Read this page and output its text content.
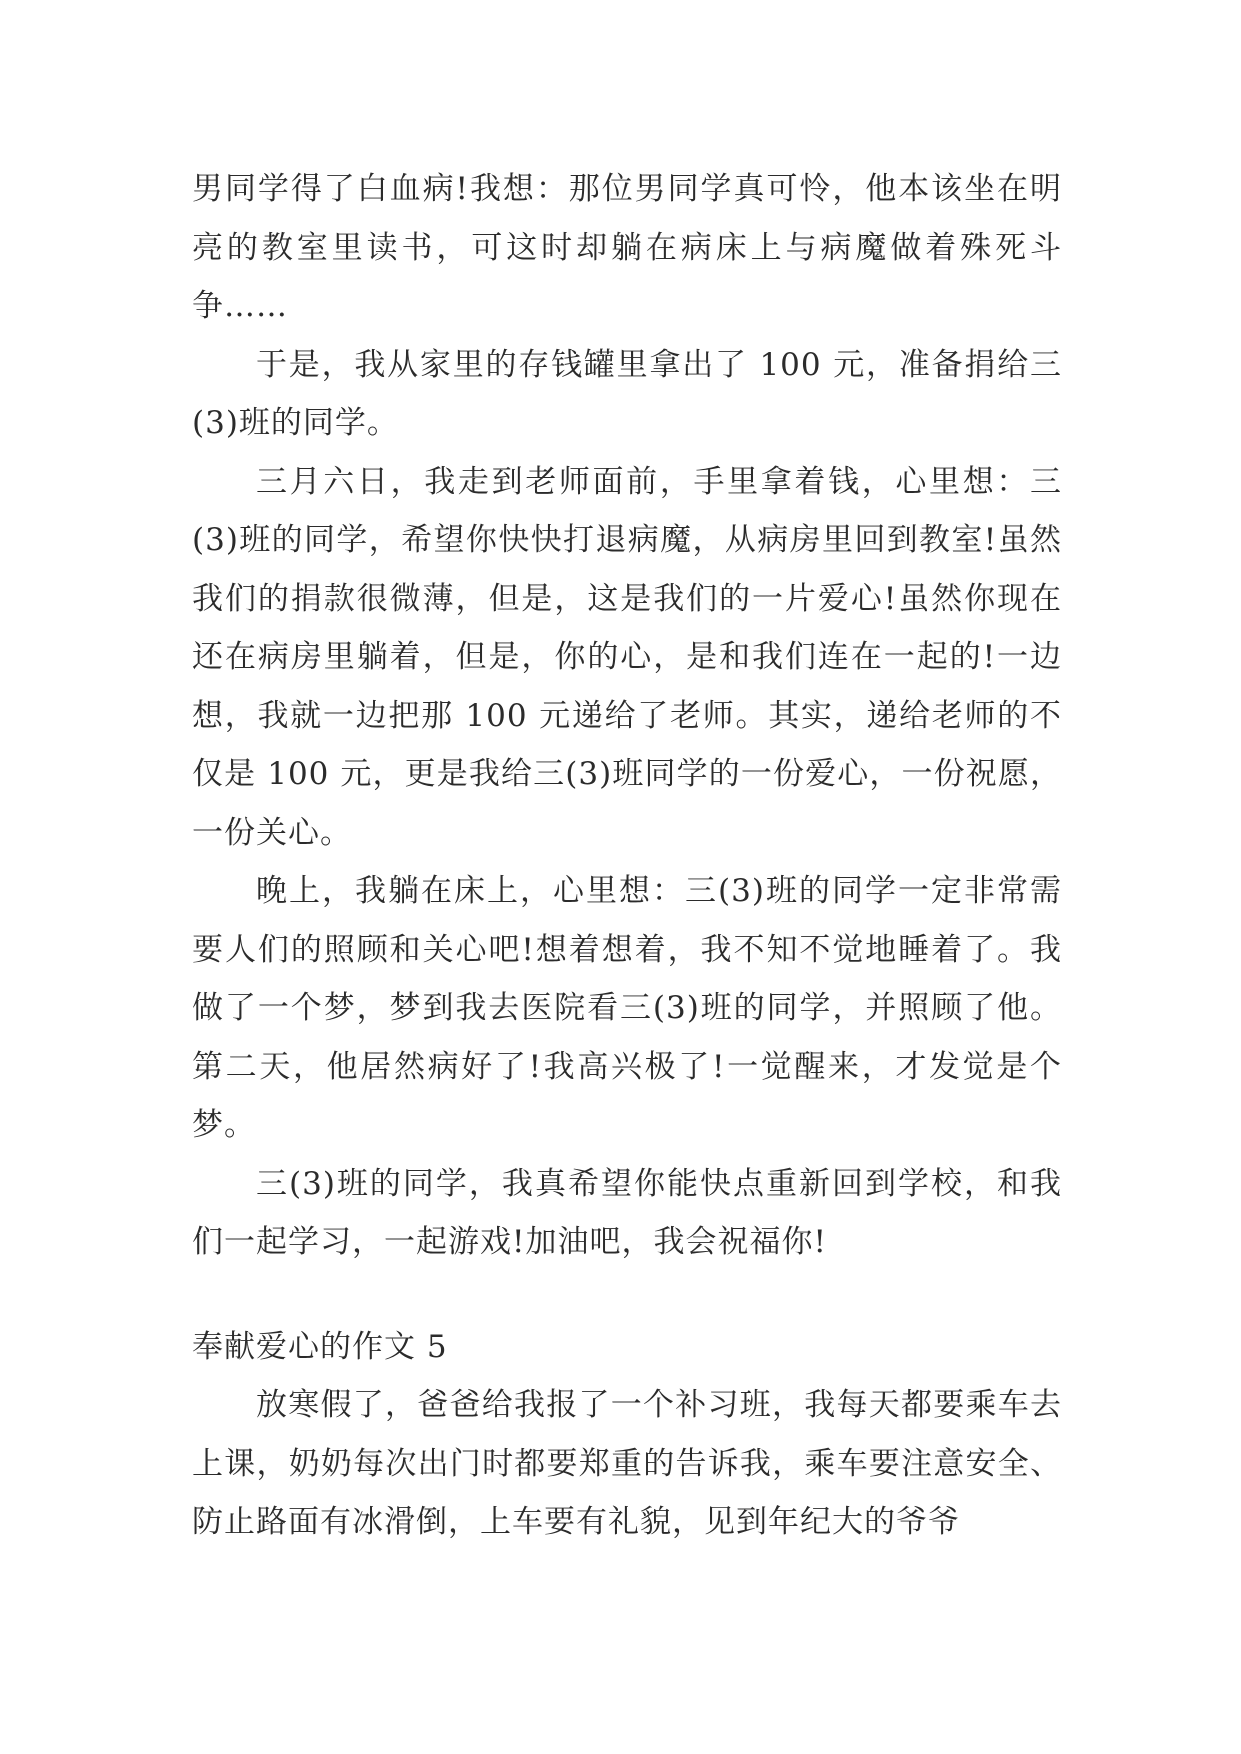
男同学得了白血病!我想：那位男同学真可怜，他本该坐在明亮的教室里读书，可这时却躺在病床上与病魔做着殊死斗争……

于是，我从家里的存钱罐里拿出了 100 元，准备捐给三(3)班的同学。

三月六日，我走到老师面前，手里拿着钱，心里想：三(3)班的同学，希望你快快打退病魔，从病房里回到教室!虽然我们的捐款很微薄，但是，这是我们的一片爱心!虽然你现在还在病房里躺着，但是，你的心，是和我们连在一起的!一边想，我就一边把那 100 元递给了老师。其实，递给老师的不仅是 100 元，更是我给三(3)班同学的一份爱心，一份祝愿，一份关心。

晚上，我躺在床上，心里想：三(3)班的同学一定非常需要人们的照顾和关心吧!想着想着，我不知不觉地睡着了。我做了一个梦，梦到我去医院看三(3)班的同学，并照顾了他。第二天，他居然病好了!我高兴极了!一觉醒来，才发觉是个梦。

三(3)班的同学，我真希望你能快点重新回到学校，和我们一起学习，一起游戏!加油吧，我会祝福你!

奉献爱心的作文 5

放寒假了，爸爸给我报了一个补习班，我每天都要乘车去上课，奶奶每次出门时都要郑重的告诉我，乘车要注意安全、防止路面有冰滑倒，上车要有礼貌，见到年纪大的爷爷
